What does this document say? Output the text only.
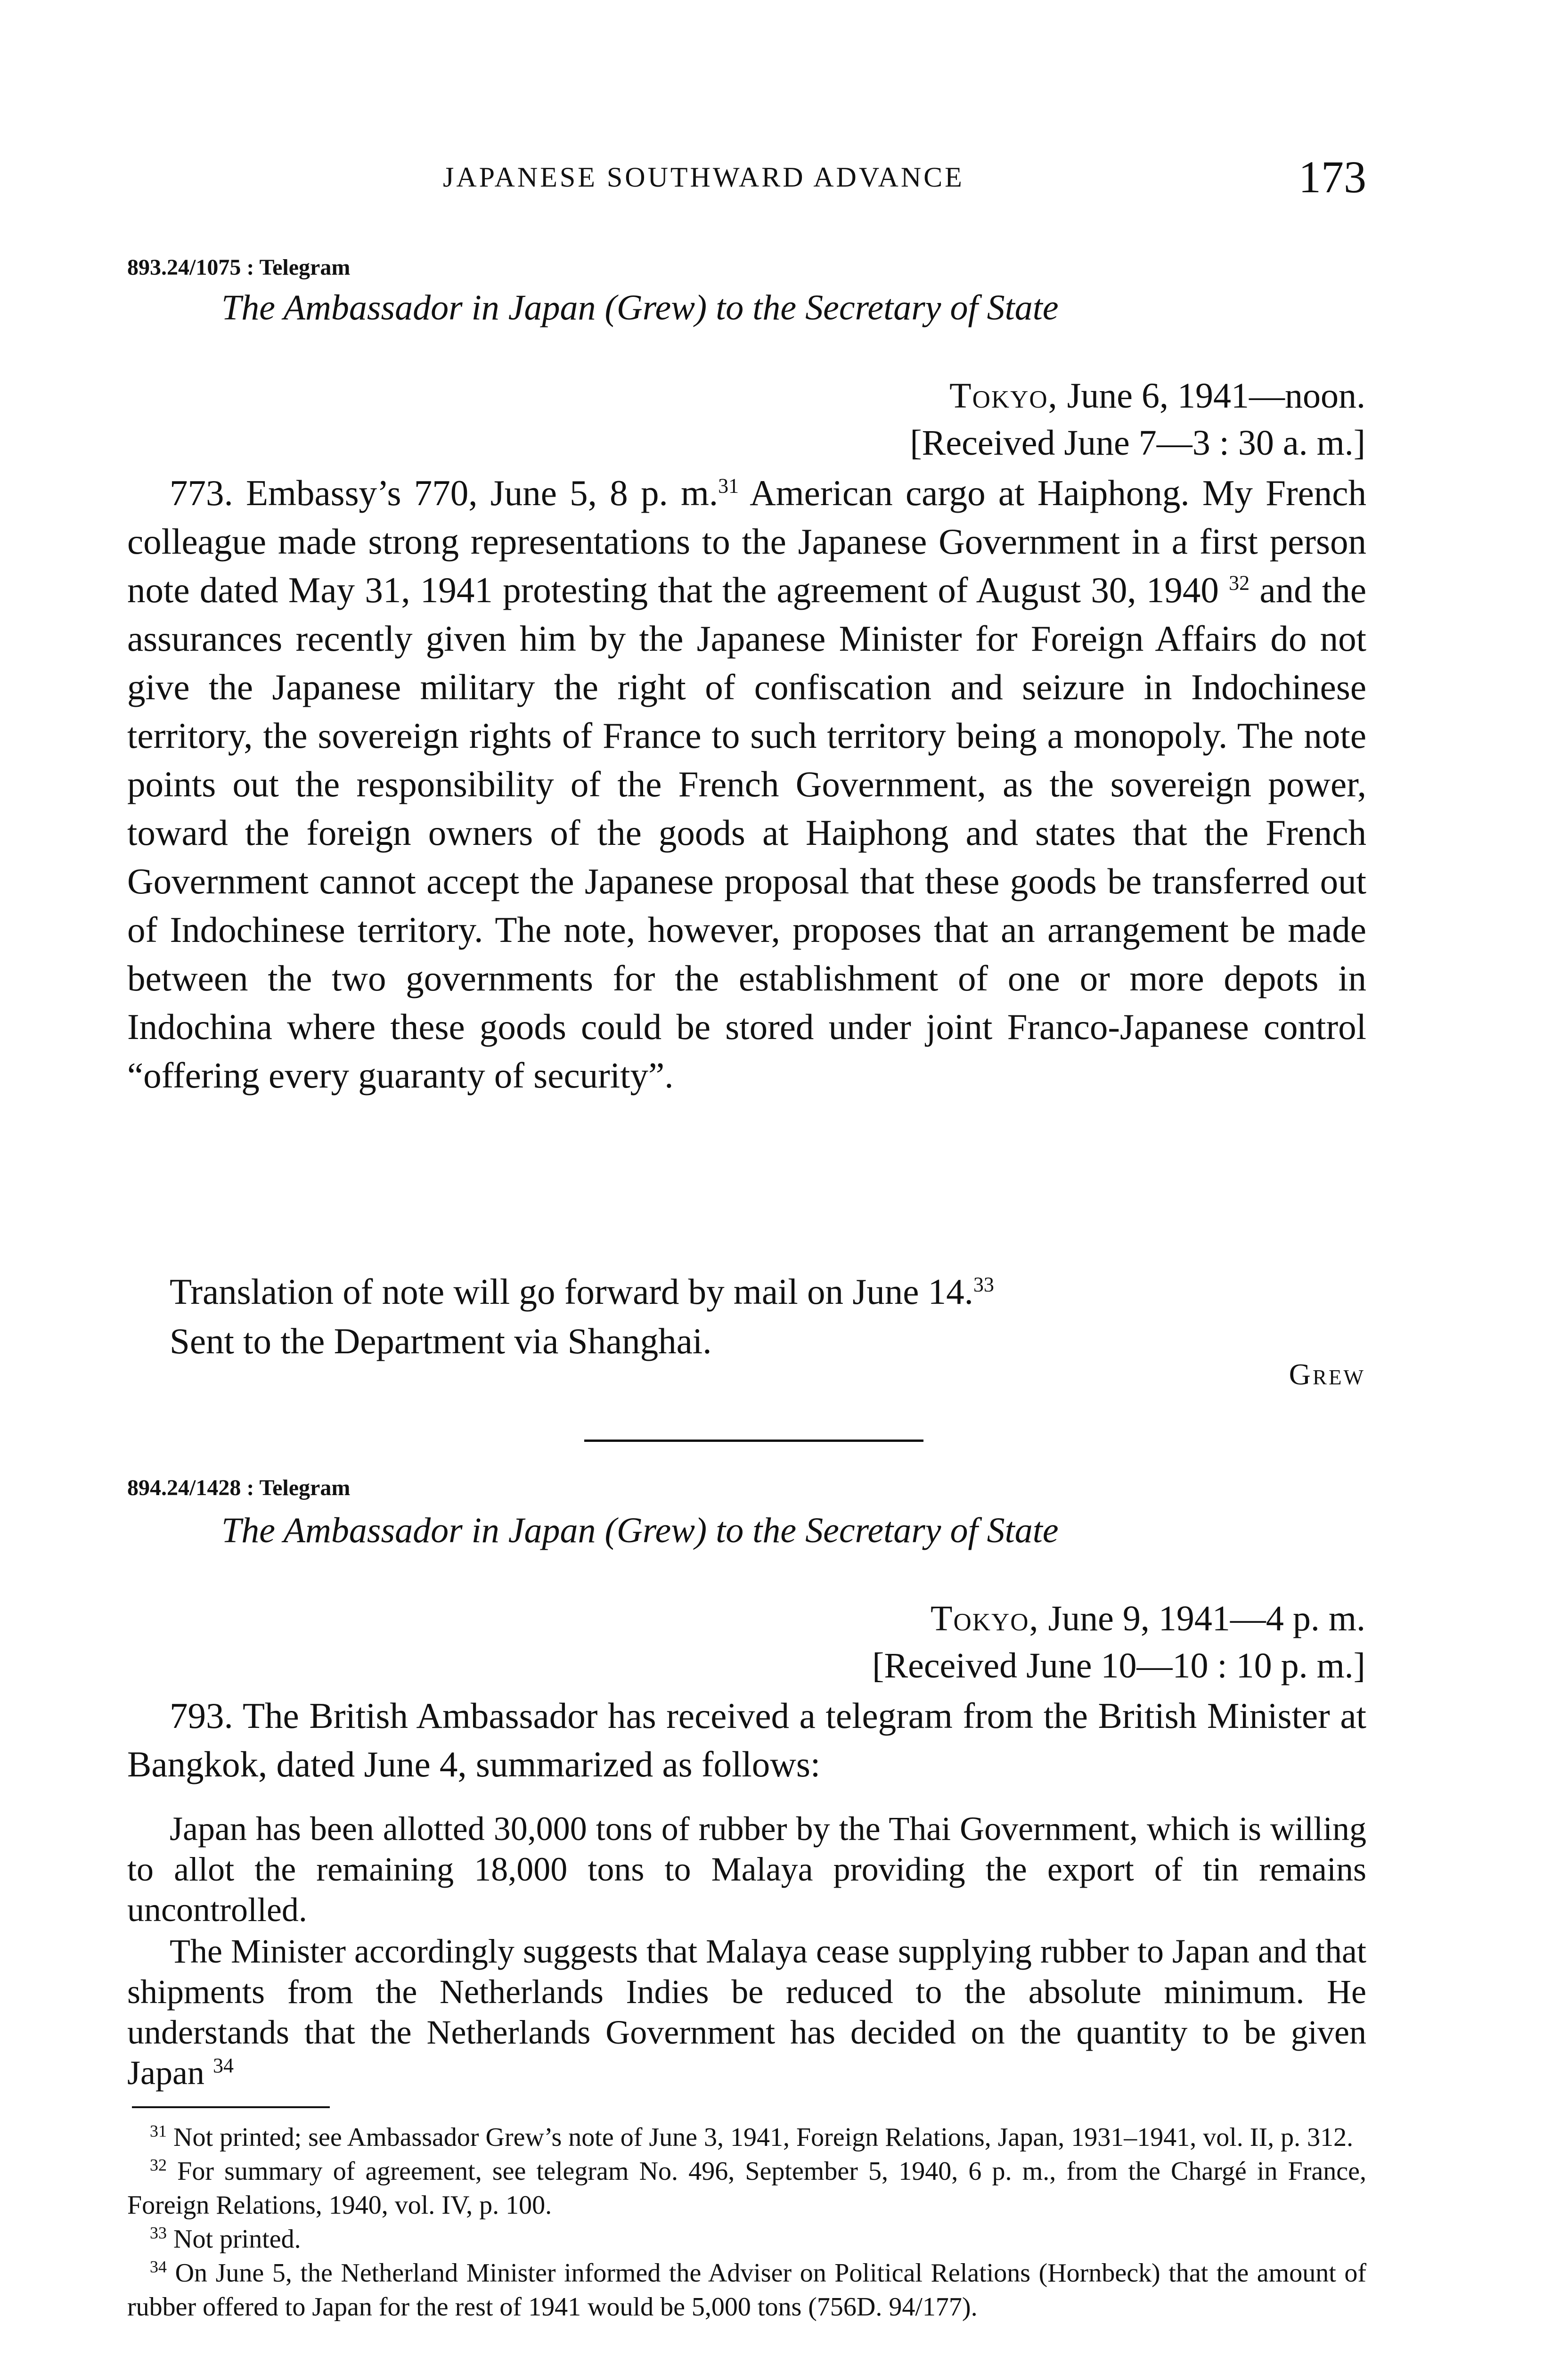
JAPANESE SOUTHWARD ADVANCE	173
893.24/1075 : Telegram
The Ambassador in Japan (Grew) to the Secretary of State
Tokyo, June 6, 1941—noon.
[Received June 7—3 : 30 a. m.]

773. Embassy’s 770, June 5, 8 p. m.$^{31}$ American cargo at Haiphong. My French colleague made strong representations to the Japanese Government in a first person note dated May 31, 1941 protesting that the agreement of August 30, 1940 $^{32}$ and the assurances recently given him by the Japanese Minister for Foreign Affairs do not give the Japanese military the right of confiscation and seizure in Indochinese territory, the sovereign rights of France to such territory being a monopoly. The note points out the responsibility of the French Government, as the sovereign power, toward the foreign owners of the goods at Haiphong and states that the French Government cannot accept the Japanese proposal that these goods be transferred out of Indochinese territory. The note, however, proposes that an arrangement be made between the two governments for the establishment of one or more depots in Indochina where these goods could be stored under joint Franco-Japanese control “offering every guaranty of security”.

Translation of note will go forward by mail on June 14.33

Sent to the Department via Shanghai.

Grew
894.24/1428 : Telegram
The Ambassador in Japan (Grew) to the Secretary of State
Tokyo, June 9, 1941—4 p. m.
[Received June 10—10 : 10 p. m.]

793. The British Ambassador has received a telegram from the British Minister at Bangkok, dated June 4, summarized as follows:

Japan has been allotted 30,000 tons of rubber by the Thai Government, which is willing to allot the remaining 18,000 tons to Malaya providing the export of tin remains uncontrolled.

The Minister accordingly suggests that Malaya cease supplying rubber to Japan and that shipments from the Netherlands Indies be reduced to the absolute minimum. He understands that the Netherlands Government has decided on the quantity to be given Japan $^{34}$

$^{31}$ Not printed; see Ambassador Grew’s note of June 3, 1941, Foreign Relations, Japan, 1931–1941, vol. II, p. 312.

$^{32}$ For summary of agreement, see telegram No. 496, September 5, 1940, 6 p. m., from the Chargé in France, Foreign Relations, 1940, vol. IV, p. 100.

$^{33}$ Not printed.

$^{34}$ On June 5, the Netherland Minister informed the Adviser on Political Relations (Hornbeck) that the amount of rubber offered to Japan for the rest of 1941 would be 5,000 tons (756D. 94/177).
